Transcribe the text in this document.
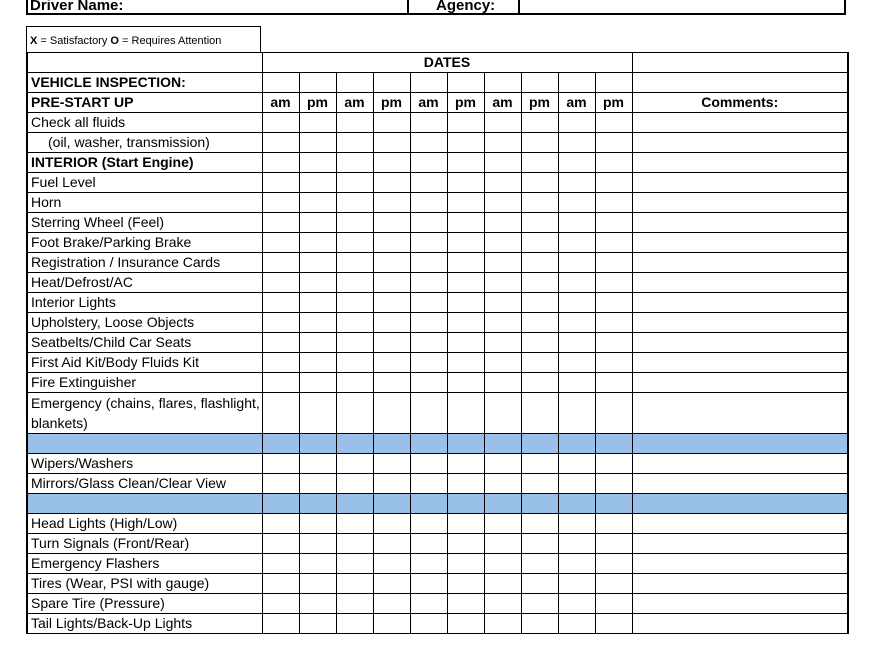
Driver Name:	Agency:
X = Satisfactory O = Requires Attention
	DATES										
VEHICLE INSPECTION:											
PRE-START UP	am	pm	am	pm	am	pm	am	pm	am	pm	Comments:
Check all fluids											
(oil, washer, transmission)											
INTERIOR (Start Engine)											
Fuel Level											
Horn											
Sterring Wheel (Feel)											
Foot Brake/Parking Brake											
Registration / Insurance Cards											
Heat/Defrost/AC											
Interior Lights											
Upholstery, Loose Objects											
Seatbelts/Child Car Seats											
First Aid Kit/Body Fluids Kit											
Fire Extinguisher											
Emergency (chains, flares, flashlight, blankets)											

Wipers/Washers											
Mirrors/Glass Clean/Clear View											

Head Lights (High/Low)											
Turn Signals (Front/Rear)											
Emergency Flashers											
Tires (Wear, PSI with gauge)											
Spare Tire (Pressure)											
Tail Lights/Back-Up Lights											
